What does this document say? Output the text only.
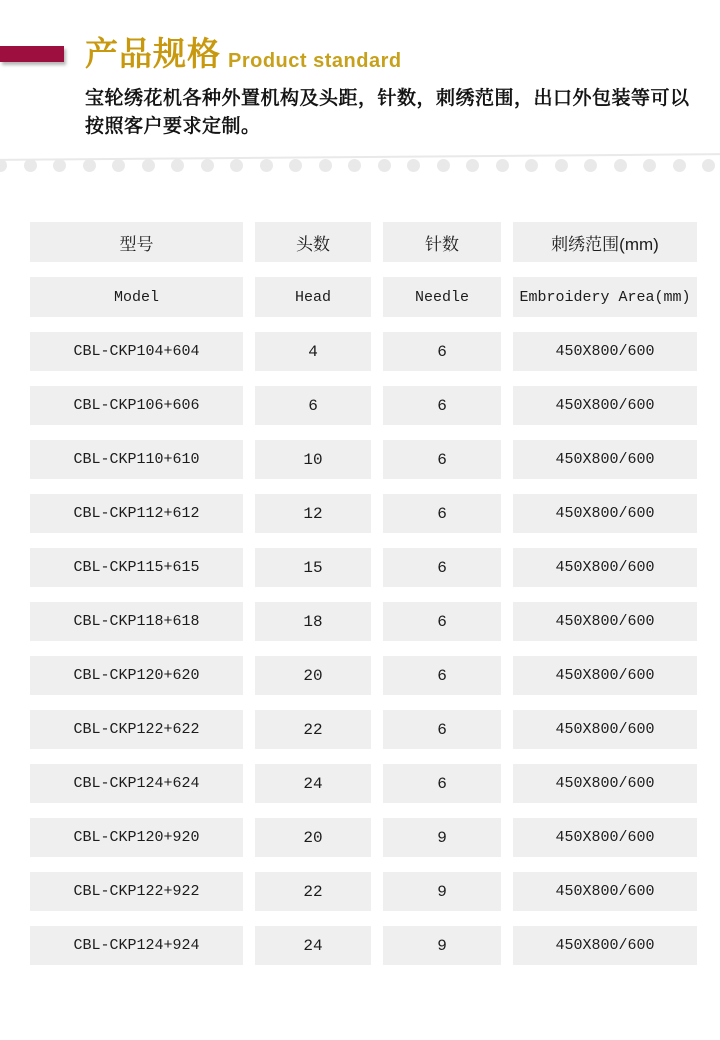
产品规格 Product standard

宝轮绣花机各种外置机构及头距，针数，刺绣范围，出口外包装等可以
按照客户要求定制。

型号	头数	针数	刺绣范围(mm)
Model	Head	Needle	Embroidery Area(mm)
CBL-CKP104+604	4	6	450X800/600
CBL-CKP106+606	6	6	450X800/600
CBL-CKP110+610	10	6	450X800/600
CBL-CKP112+612	12	6	450X800/600
CBL-CKP115+615	15	6	450X800/600
CBL-CKP118+618	18	6	450X800/600
CBL-CKP120+620	20	6	450X800/600
CBL-CKP122+622	22	6	450X800/600
CBL-CKP124+624	24	6	450X800/600
CBL-CKP120+920	20	9	450X800/600
CBL-CKP122+922	22	9	450X800/600
CBL-CKP124+924	24	9	450X800/600
